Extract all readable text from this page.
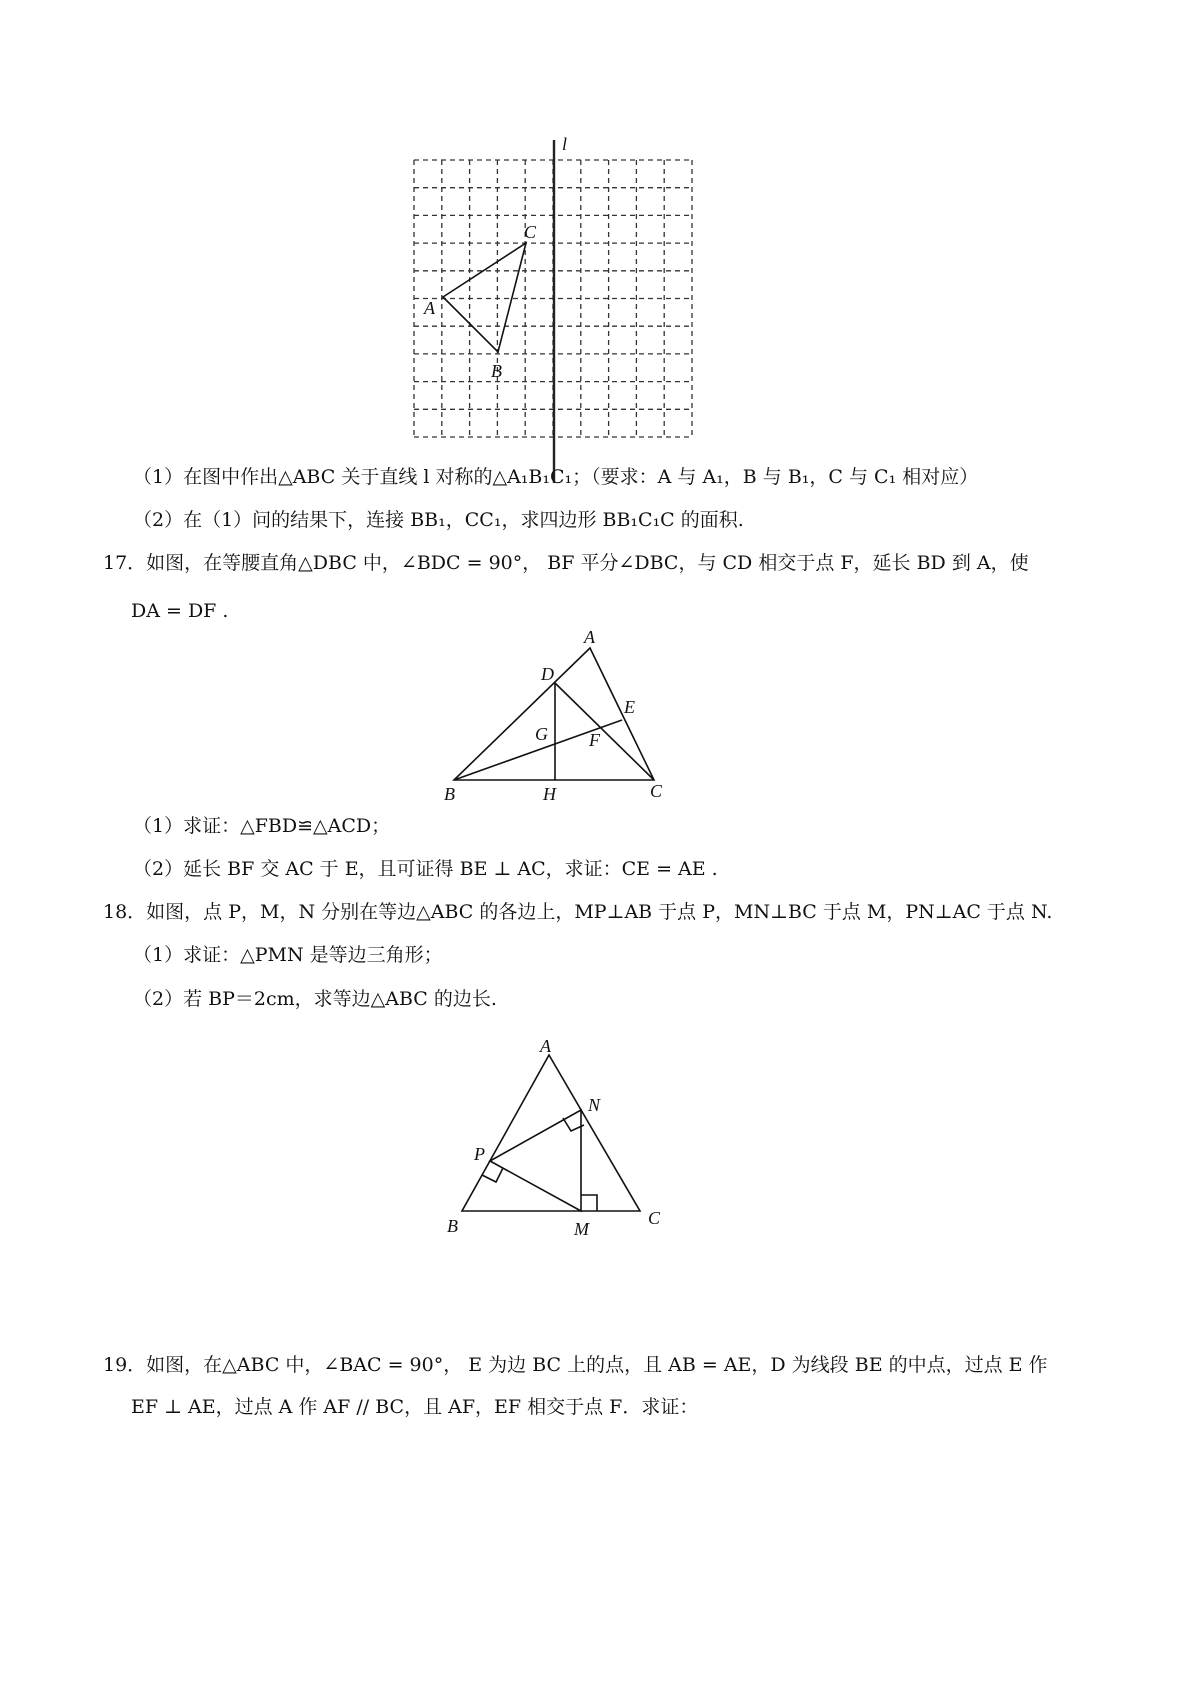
l
C
A
B
（1）在图中作出△ABC 关于直线 l 对称的△A₁B₁C₁；（要求：A 与 A₁，B 与 B₁，C 与 C₁ 相对应）
（2）在（1）问的结果下，连接 BB₁，CC₁，求四边形 BB₁C₁C 的面积.
17．如图，在等腰直角△DBC 中，∠BDC = 90°， BF 平分∠DBC，与 CD 相交于点 F，延长 BD 到 A，使
DA = DF .
A
D
E
G F
B	H	C
（1）求证：△FBD≌△ACD；
（2）延长 BF 交 AC 于 E，且可证得 BE ⊥ AC，求证：CE = AE .
18．如图，点 P，M，N 分别在等边△ABC 的各边上，MP⊥AB 于点 P，MN⊥BC 于点 M，PN⊥AC 于点 N.
（1）求证：△PMN 是等边三角形；
（2）若 BP＝2cm，求等边△ABC 的边长.
A
N
P
B	M
C
19．如图，在△ABC 中，∠BAC = 90°， E 为边 BC 上的点，且 AB = AE，D 为线段 BE 的中点，过点 E 作
EF ⊥ AE，过点 A 作 AF // BC，且 AF，EF 相交于点 F．求证：
